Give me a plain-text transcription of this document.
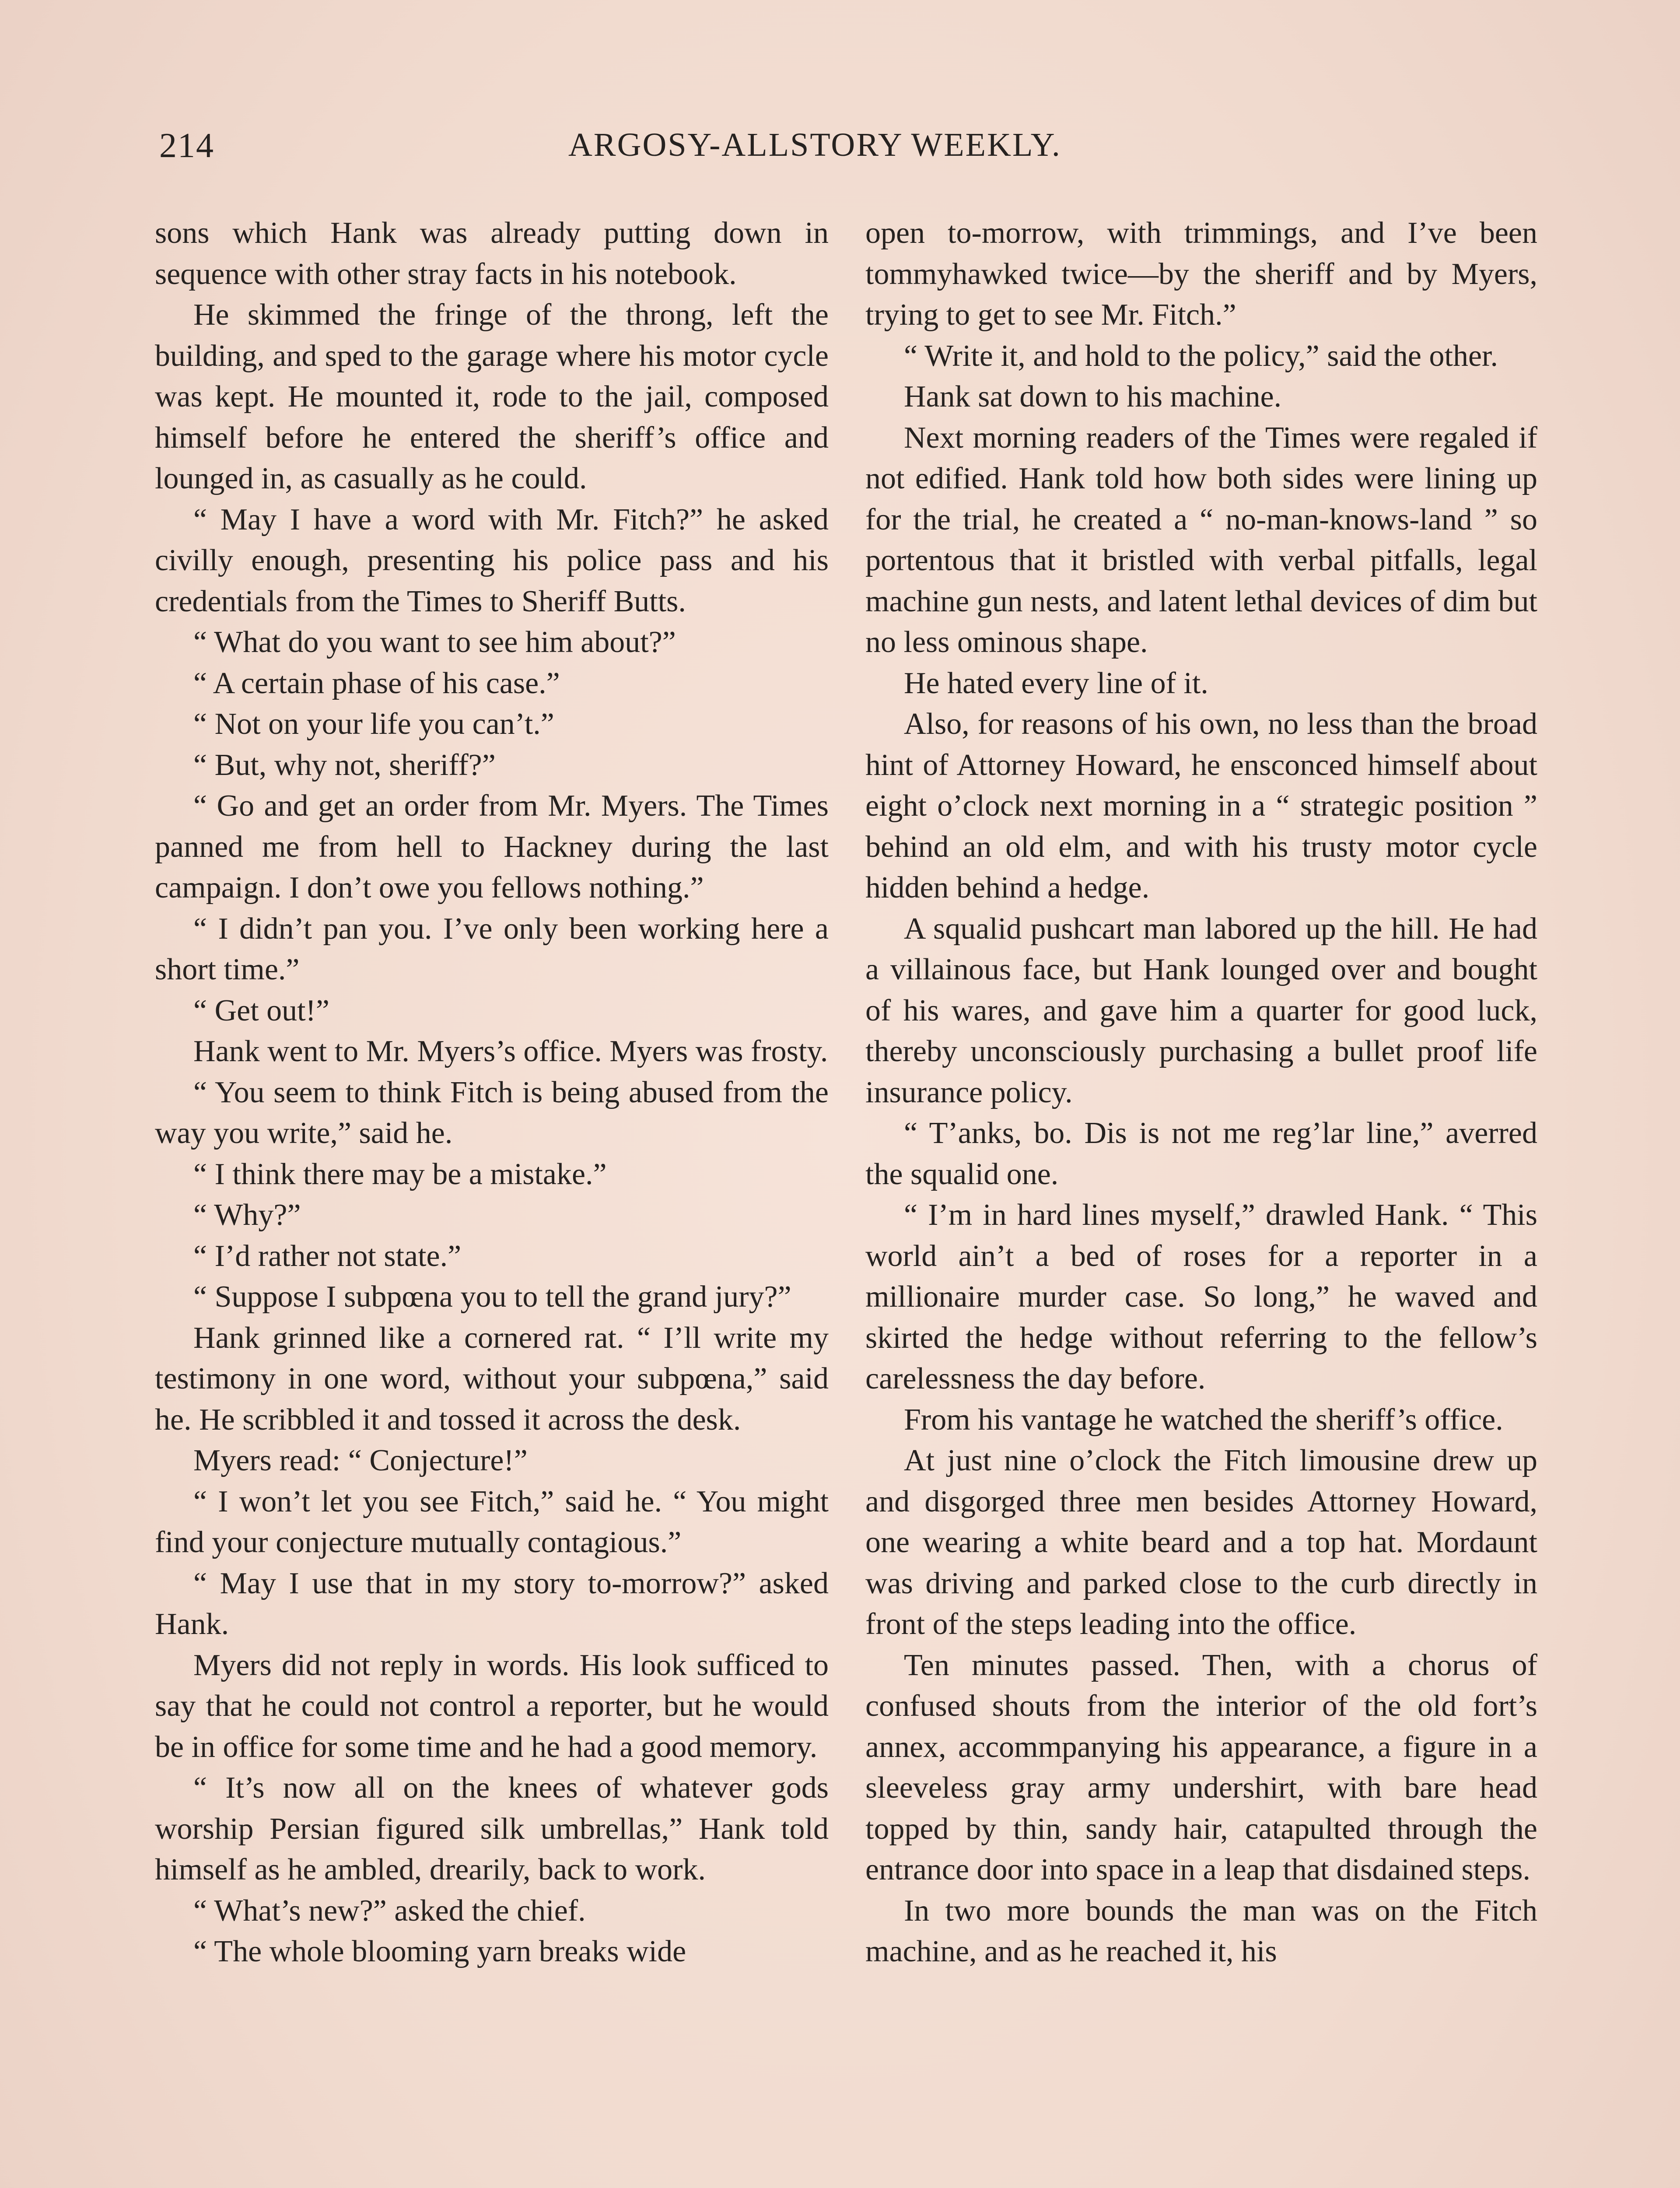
214	ARGOSY-ALLSTORY WEEKLY.

sons which Hank was already putting down in sequence with other stray facts in his notebook.

He skimmed the fringe of the throng, left the building, and sped to the garage where his motor cycle was kept. He mounted it, rode to the jail, composed himself before he entered the sheriff’s office and lounged in, as casually as he could.

“ May I have a word with Mr. Fitch?” he asked civilly enough, presenting his police pass and his credentials from the Times to Sheriff Butts.

“ What do you want to see him about?”

“ A certain phase of his case.”

“ Not on your life you can’t.”

“ But, why not, sheriff?”

“ Go and get an order from Mr. Myers. The Times panned me from hell to Hackney during the last campaign. I don’t owe you fellows nothing.”

“ I didn’t pan you. I’ve only been working here a short time.”

“ Get out!”

Hank went to Mr. Myers’s office. Myers was frosty.

“ You seem to think Fitch is being abused from the way you write,” said he.

“ I think there may be a mistake.”

“ Why?”

“ I’d rather not state.”

“ Suppose I subpœna you to tell the grand jury?”

Hank grinned like a cornered rat. “ I’ll write my testimony in one word, without your subpœna,” said he. He scribbled it and tossed it across the desk.

Myers read: “ Conjecture!”

“ I won’t let you see Fitch,” said he. “ You might find your conjecture mutually contagious.”

“ May I use that in my story to-morrow?” asked Hank.

Myers did not reply in words. His look sufficed to say that he could not control a reporter, but he would be in office for some time and he had a good memory.

“ It’s now all on the knees of whatever gods worship Persian figured silk umbrellas,” Hank told himself as he ambled, drearily, back to work.

“ What’s new?” asked the chief.

“ The whole blooming yarn breaks wide

open to-morrow, with trimmings, and I’ve been tommyhawked twice—by the sheriff and by Myers, trying to get to see Mr. Fitch.”

“ Write it, and hold to the policy,” said the other.

Hank sat down to his machine.

Next morning readers of the Times were regaled if not edified. Hank told how both sides were lining up for the trial, he created a “ no-man-knows-land ” so portentous that it bristled with verbal pitfalls, legal machine gun nests, and latent lethal devices of dim but no less ominous shape.

He hated every line of it.

Also, for reasons of his own, no less than the broad hint of Attorney Howard, he ensconced himself about eight o’clock next morning in a “ strategic position ” behind an old elm, and with his trusty motor cycle hidden behind a hedge.

A squalid pushcart man labored up the hill. He had a villainous face, but Hank lounged over and bought of his wares, and gave him a quarter for good luck, thereby unconsciously purchasing a bullet proof life insurance policy.

“ T’anks, bo. Dis is not me reg’lar line,” averred the squalid one.

“ I’m in hard lines myself,” drawled Hank. “ This world ain’t a bed of roses for a reporter in a millionaire murder case. So long,” he waved and skirted the hedge without referring to the fellow’s carelessness the day before.

From his vantage he watched the sheriff’s office.

At just nine o’clock the Fitch limousine drew up and disgorged three men besides Attorney Howard, one wearing a white beard and a top hat. Mordaunt was driving and parked close to the curb directly in front of the steps leading into the office.

Ten minutes passed. Then, with a chorus of confused shouts from the interior of the old fort’s annex, accommpanying his appearance, a figure in a sleeveless gray army undershirt, with bare head topped by thin, sandy hair, catapulted through the entrance door into space in a leap that disdained steps.

In two more bounds the man was on the Fitch machine, and as he reached it, his
